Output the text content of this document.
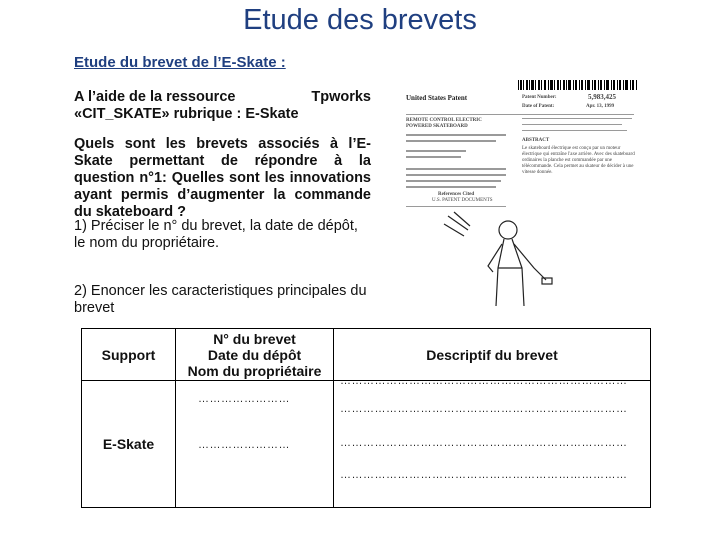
Etude des brevets
Etude du brevet de l’E-Skate :
A l’aide de la ressource	Tpworks

«CIT_SKATE» rubrique : E-Skate
Quels sont les brevets associés à l’E-Skate permettant de répondre à la question n°1: Quelles sont les innovations ayant permis d’augmenter la commande du skateboard ?
1) Préciser le n° du brevet, la date de dépôt, le nom du propriétaire.
2) Enoncer les caracteristiques principales du brevet
United States Patent	Patent Number:	5,983,425
Date of Patent:	Apr. 13, 1999
REMOTE CONTROL ELECTRIC POWERED SKATEBOARD
References Cited
U.S. PATENT DOCUMENTS
ABSTRACT
Le skateboard électrique est conçu par un moteur électrique qui entraîne l'axe arrière. Avec des skateboard ordinaires la planche est commandée par une télécommande. Cela permet au skateur de décider à une vitesse donnée.
Support	N° du brevet
Date du dépôt
Nom du propriétaire	Descriptif du brevet
E-Skate	……………………
……………………	…………………………………………………………………
…………………………………………………………………
…………………………………………………………………
…………………………………………………………………
